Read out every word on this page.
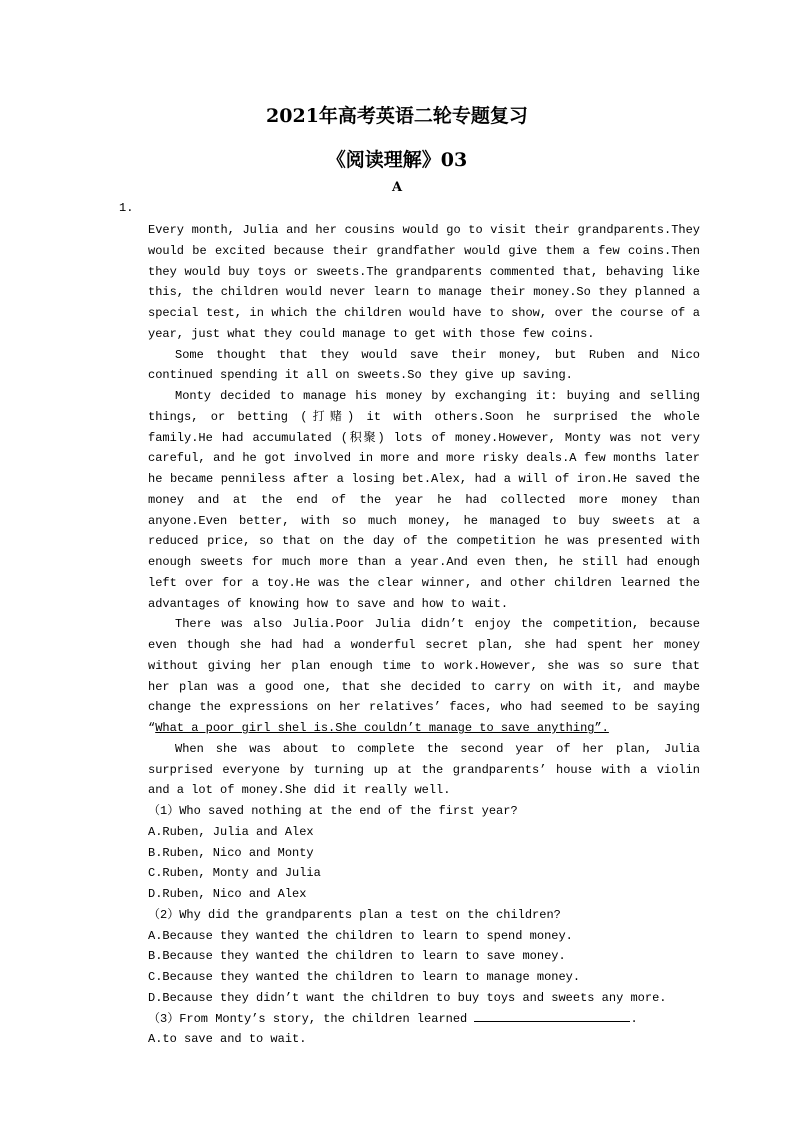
2021年高考英语二轮专题复习
《阅读理解》03
A
1.

Every month, Julia and her cousins would go to visit their grandparents.They would be excited because their grandfather would give them a few coins.Then they would buy toys or sweets.The grandparents commented that, behaving like this, the children would never learn to manage their money.So they planned a special test, in which the children would have to show, over the course of a year, just what they could manage to get with those few coins.

Some thought that they would save their money, but Ruben and Nico continued spending it all on sweets.So they give up saving.

Monty decided to manage his money by exchanging it: buying and selling things, or betting (打赌) it with others.Soon he surprised the whole family.He had accumulated (积聚) lots of money.However, Monty was not very careful, and he got involved in more and more risky deals.A few months later he became penniless after a losing bet.Alex, had a will of iron.He saved the money and at the end of the year he had collected more money than anyone.Even better, with so much money, he managed to buy sweets at a reduced price, so that on the day of the competition he was presented with enough sweets for much more than a year.And even then, he still had enough left over for a toy.He was the clear winner, and other children learned the advantages of knowing how to save and how to wait.

There was also Julia.Poor Julia didn’t enjoy the competition, because even though she had had a wonderful secret plan, she had spent her money without giving her plan enough time to work.However, she was so sure that her plan was a good one, that she decided to carry on with it, and maybe change the expressions on her relatives’ faces, who had seemed to be saying “What a poor girl shel is.She couldn’t manage to save anything”.

When she was about to complete the second year of her plan, Julia surprised everyone by turning up at the grandparents’ house with a violin and a lot of money.She did it really well.

（1）Who saved nothing at the end of the first year?

A.Ruben, Julia and Alex

B.Ruben, Nico and Monty

C.Ruben, Monty and Julia

D.Ruben, Nico and Alex

（2）Why did the grandparents plan a test on the children?

A.Because they wanted the children to learn to spend money.

B.Because they wanted the children to learn to save money.

C.Because they wanted the children to learn to manage money.

D.Because they didn’t want the children to buy toys and sweets any more.

（3）From Monty’s story, the children learned	.

A.to save and to wait.
